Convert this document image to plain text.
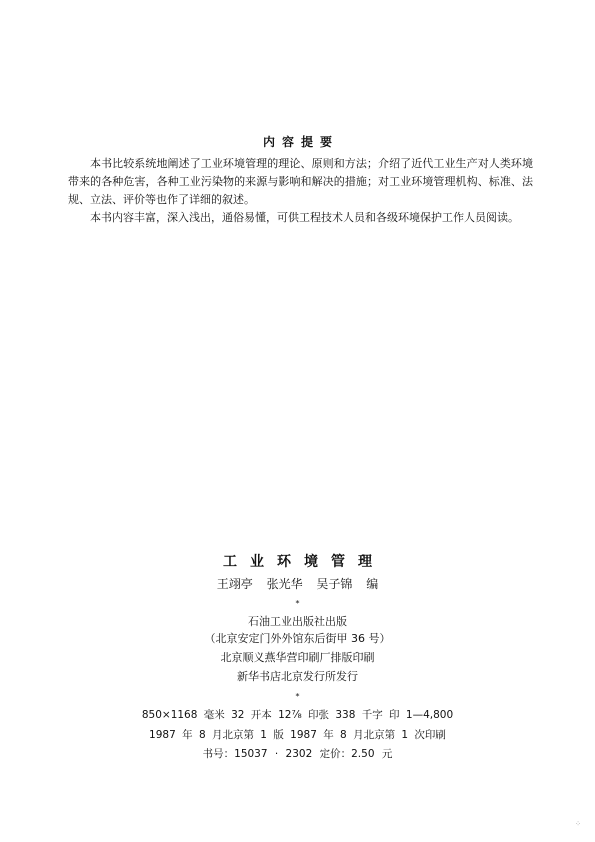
内容提要

本书比较系统地阐述了工业环境管理的理论、原则和方法；介绍了近代工业生产对人类环境带来的各种危害，各种工业污染物的来源与影响和解决的措施；对工业环境管理机构、标准、法规、立法、评价等也作了详细的叙述。

本书内容丰富，深入浅出，通俗易懂，可供工程技术人员和各级环境保护工作人员阅读。

工业环境管理
王翊亭 张光华 吴子锦 编
*
石油工业出版社出版
（北京安定门外外馆东后街甲 36 号）
北京顺义燕华营印刷厂排版印刷
新华书店北京发行所发行
*
850×1168 毫米 32 开本 12⁷⁄₈ 印张 338 千字 印 1—4,800
1987 年 8 月北京第 1 版 1987 年 8 月北京第 1 次印刷
书号：15037 · 2302 定价：2.50 元
⁘
